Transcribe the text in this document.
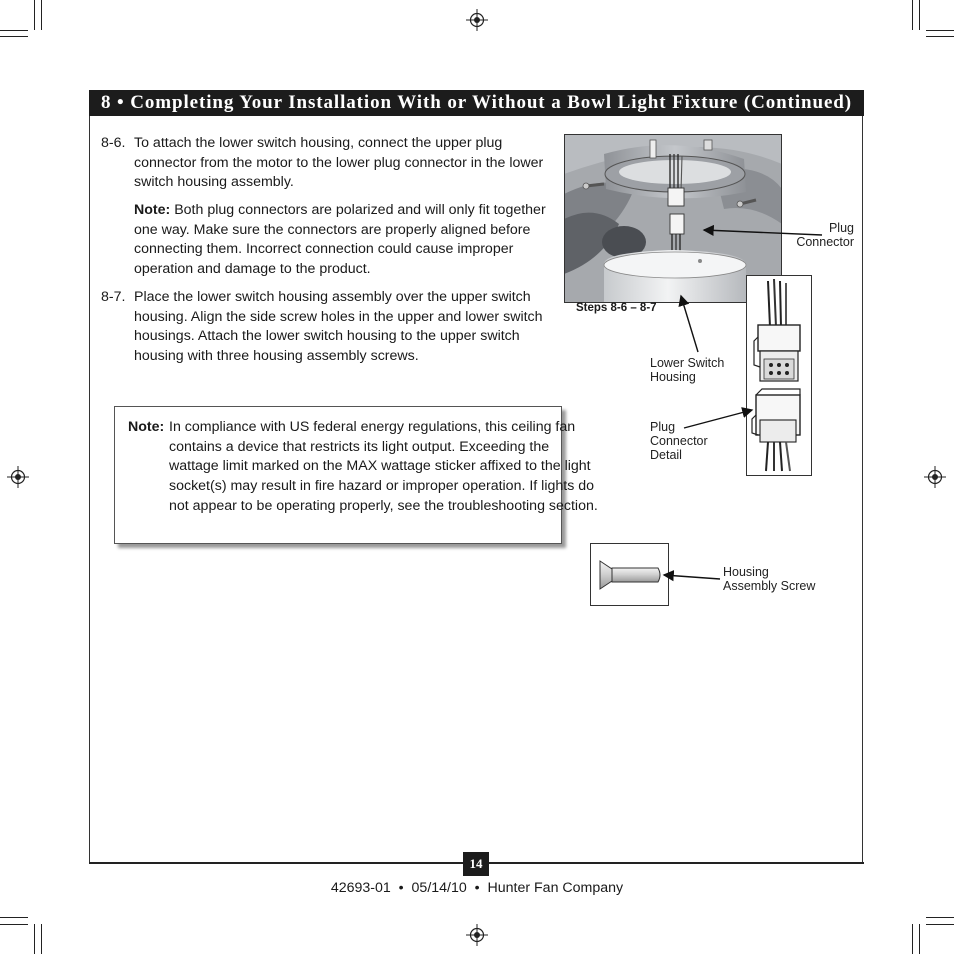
8 • Completing Your Installation With or Without a Bowl Light Fixture (Continued)
8-6. To attach the lower switch housing, connect the upper plug connector from the motor to the lower plug connector in the lower switch housing assembly.
Note: Both plug connectors are polarized and will only fit together one way. Make sure the connectors are properly aligned before connecting them. Incorrect connection could cause improper operation and damage to the product.
8-7. Place the lower switch housing assembly over the upper switch housing. Align the side screw holes in the upper and lower switch housings. Attach the lower switch housing to the upper switch housing with three housing assembly screws.
Note: In compliance with US federal energy regulations, this ceiling fan contains a device that restricts its light output. Exceeding the wattage limit marked on the MAX wattage sticker affixed to the light socket(s) may result in fire hazard or improper operation. If lights do not appear to be operating properly, see the troubleshooting section.
Steps 8-6 – 8-7
Plug
Connector
Lower Switch
Housing
Plug
Connector
Detail
Housing
Assembly Screw
14
42693-01  •  05/14/10  •  Hunter Fan Company
